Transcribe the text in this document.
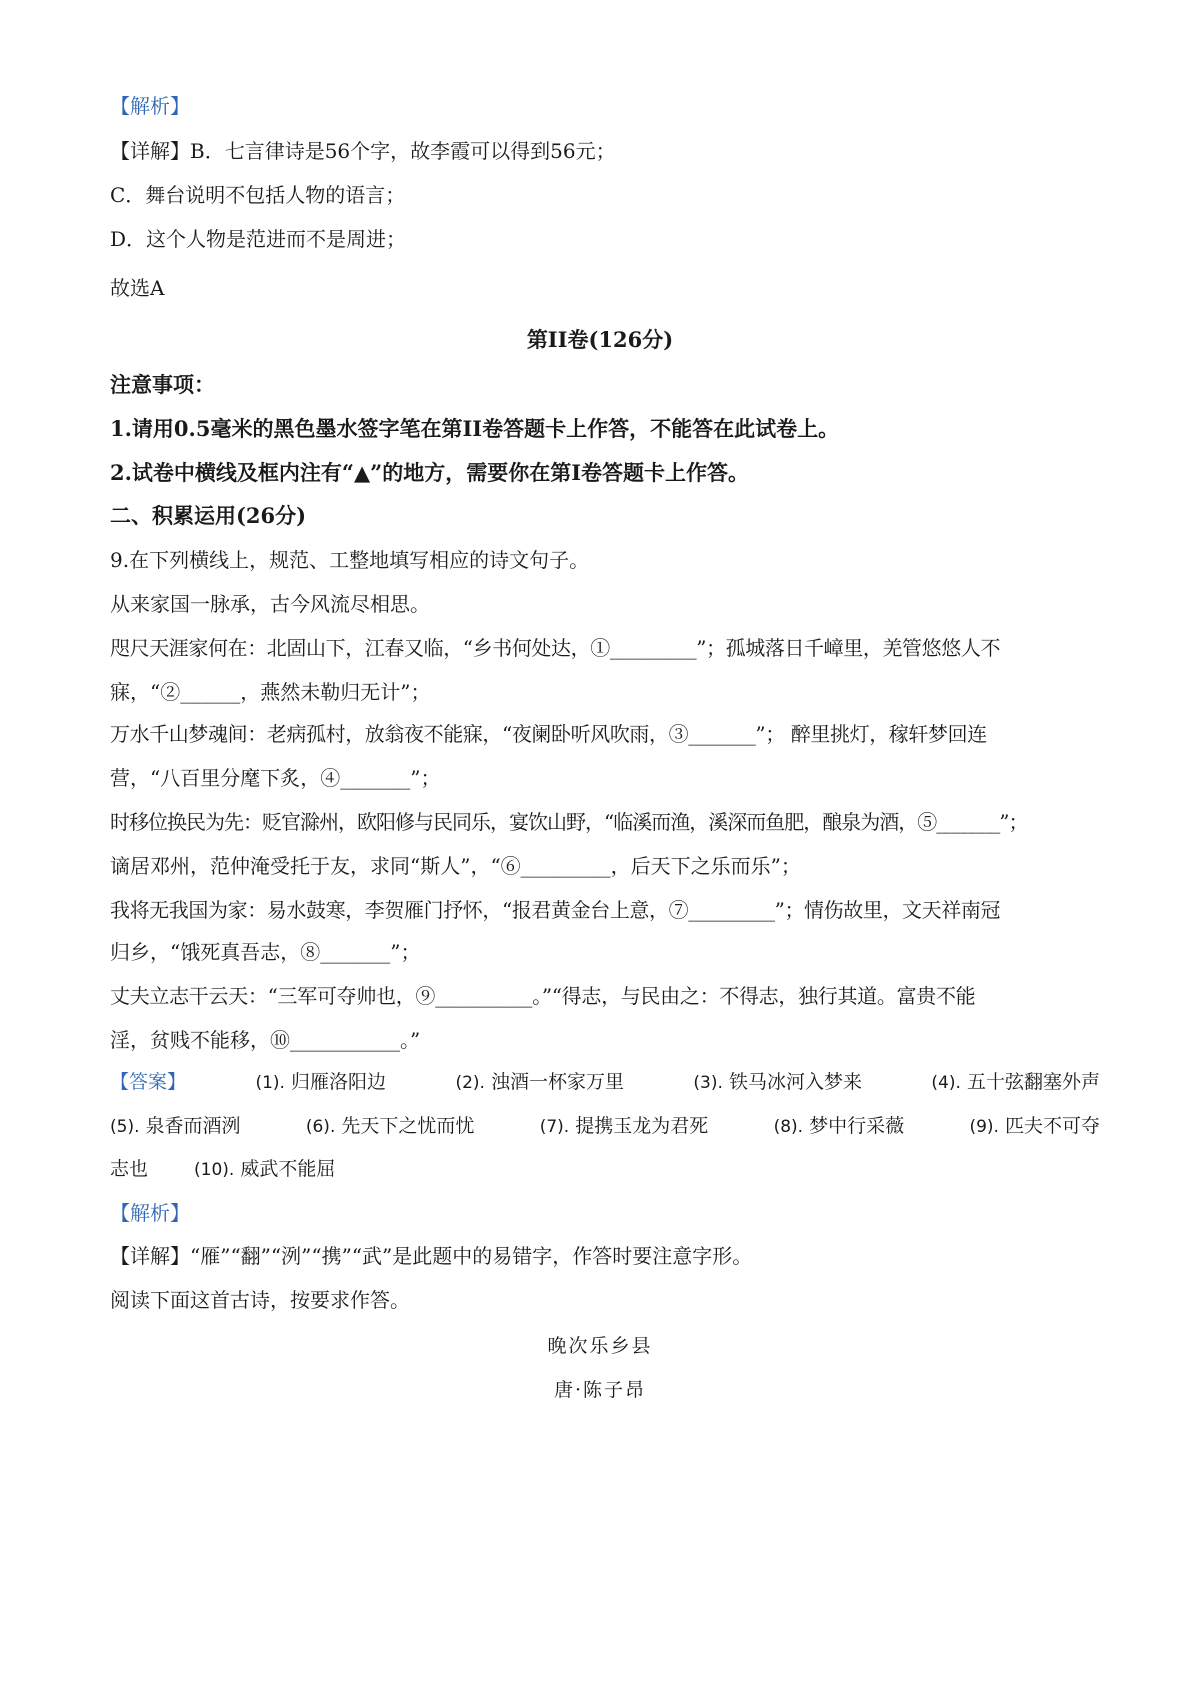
【解析】
【详解】B．七言律诗是56个字，故李霞可以得到56元；
C．舞台说明不包括人物的语言；
D．这个人物是范进而不是周进；
故选A
第II卷(126分)
注意事项：
1.请用0.5毫米的黑色墨水签字笔在第II卷答题卡上作答，不能答在此试卷上。
2.试卷中横线及框内注有“▲”的地方，需要你在第I卷答题卡上作答。
二、积累运用(26分)
9.在下列横线上，规范、工整地填写相应的诗文句子。
从来家国一脉承，古今风流尽相思。
咫尺天涯家何在：北固山下，江春又临，“乡书何处达，①_________”；孤城落日千嶂里，羌管悠悠人不
寐，“②______，燕然未勒归无计”；
万水千山梦魂间：老病孤村，放翁夜不能寐，“夜阑卧听风吹雨，③_______”； 醉里挑灯，稼轩梦回连
营，“八百里分麾下炙，④_______”；
时移位换民为先：贬官滁州，欧阳修与民同乐，宴饮山野，“临溪而渔，溪深而鱼肥，酿泉为酒，⑤_______”；
谪居邓州，范仲淹受托于友，求同“斯人”，“⑥_________，后天下之乐而乐”；
我将无我国为家：易水鼓寒，李贺雁门抒怀，“报君黄金台上意，⑦_________”；情伤故里，文天祥南冠
归乡，“饿死真吾志，⑧_______”；
丈夫立志干云天：“三军可夺帅也，⑨__________。”“得志，与民由之：不得志，独行其道。富贵不能
淫，贫贱不能移，⑩___________。”
【答案】	(1). 归雁洛阳边	(2). 浊酒一杯家万里	(3). 铁马冰河入梦来	(4). 五十弦翻塞外声
(5). 泉香而酒洌	(6). 先天下之忧而忧	(7). 提携玉龙为君死	(8). 梦中行采薇	(9). 匹夫不可夺
志也	(10). 威武不能屈
【解析】
【详解】“雁”“翻”“洌”“携”“武”是此题中的易错字，作答时要注意字形。
阅读下面这首古诗，按要求作答。
晚次乐乡县
唐·陈子昂
